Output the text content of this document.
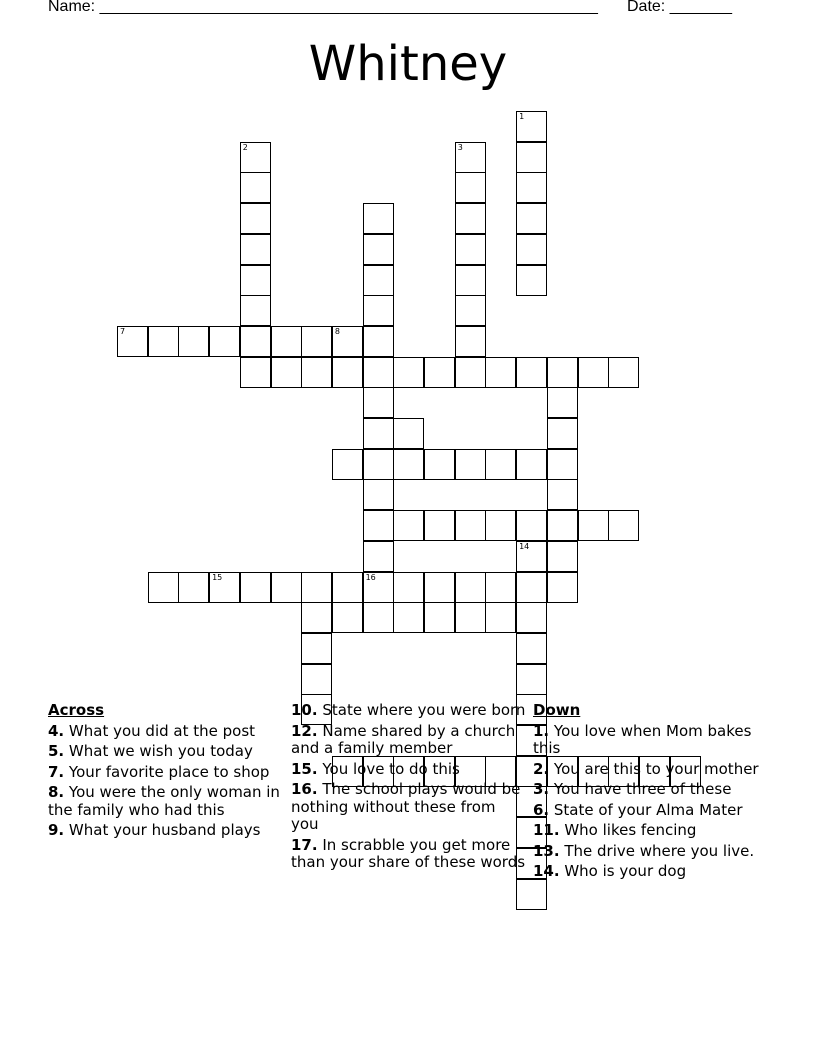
Name: ________________________________________________________ Date: _______
Whitney
1
2	3
16
14
7	8
15
Across
4. What you did at the post
5. What we wish you today
7. Your favorite place to shop
8. You were the only woman in the family who had this
9. What your husband plays
10. State where you were born
12. Name shared by a church and a family member
15. You love to do this
16. The school plays would be nothing without these from you
17. In scrabble you get more than your share of these words
Down
1. You love when Mom bakes this
2. You are this to your mother
3. You have three of these
6. State of your Alma Mater
11. Who likes fencing
13. The drive where you live.
14. Who is your dog
